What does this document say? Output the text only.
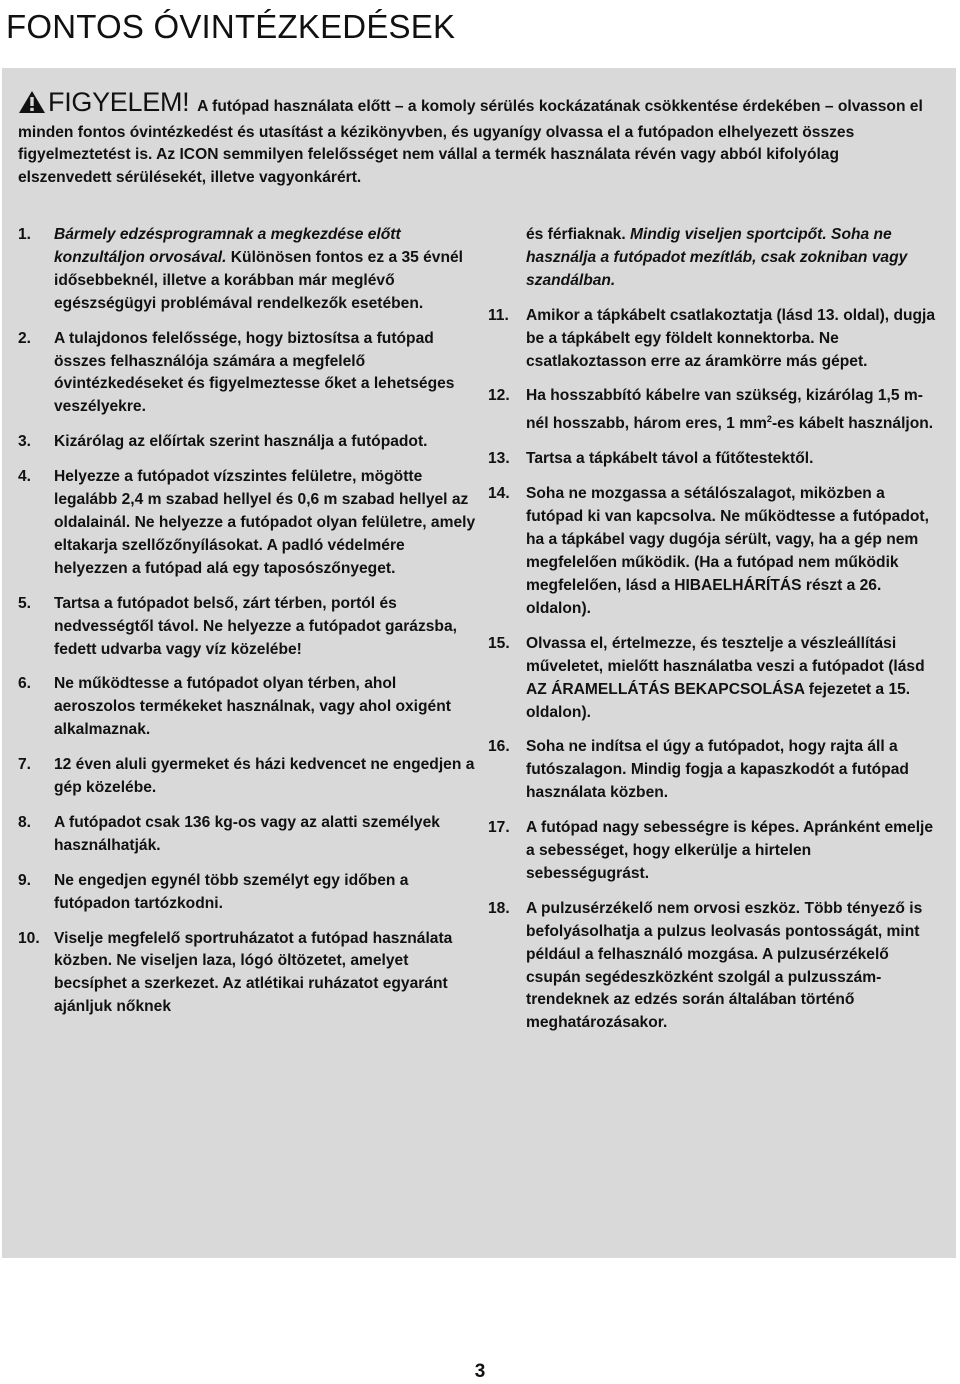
FONTOS ÓVINTÉZKEDÉSEK
FIGYELEM! A futópad használata előtt – a komoly sérülés kockázatának csökkentése érdekében – olvasson el minden fontos óvintézkedést és utasítást a kézikönyvben, és ugyanígy olvassa el a futópadon elhelyezett összes figyelmeztetést is. Az ICON semmilyen felelősséget nem vállal a termék használata révén vagy abból kifolyólag elszenvedett sérülésekét, illetve vagyonkárért.
1.	Bármely edzésprogramnak a megkezdése előtt konzultáljon orvosával. Különösen fontos ez a 35 évnél idősebbeknél, illetve a korábban már meglévő egészségügyi problémával rendelkezők esetében.
2.	A tulajdonos felelőssége, hogy biztosítsa a futópad összes felhasználója számára a megfelelő óvintézkedéseket és figyelmeztesse őket a lehetséges veszélyekre.
3.	Kizárólag az előírtak szerint használja a futópadot.
4.	Helyezze a futópadot vízszintes felületre, mögötte legalább 2,4 m szabad hellyel és 0,6 m szabad hellyel az oldalainál. Ne helyezze a futópadot olyan felületre, amely eltakarja szellőzőnyílásokat. A padló védelmére helyezzen a futópad alá egy taposószőnyeget.
5.	Tartsa a futópadot belső, zárt térben, portól és nedvességtől távol. Ne helyezze a futópadot garázsba, fedett udvarba vagy víz közelébe!
6.	Ne működtesse a futópadot olyan térben, ahol aeroszolos termékeket használnak, vagy ahol oxigént alkalmaznak.
7.	12 éven aluli gyermeket és házi kedvencet ne engedjen a gép közelébe.
8.	A futópadot csak 136 kg-os vagy az alatti személyek használhatják.
9.	Ne engedjen egynél több személyt egy időben a futópadon tartózkodni.
10. Viselje megfelelő sportruházatot a futópad használata közben. Ne viseljen laza, lógó öltözetet, amelyet becsíphet a szerkezet. Az atlétikai ruházatot egyaránt ajánljuk nőknek
és férfiaknak. Mindig viseljen sportcipőt. Soha ne használja a futópadot mezítláb, csak zokniban vagy szandálban.
11.	Amikor a tápkábelt csatlakoztatja (lásd 13. oldal), dugja be a tápkábelt egy földelt konnektorba. Ne csatlakoztasson erre az áramkörre más gépet.
12.	Ha hosszabbító kábelre van szükség, kizárólag 1,5 m-nél hosszabb, három eres, 1 $mm^2-es$ kábelt használjon.
13.	Tartsa a tápkábelt távol a fűtőtestektől.
14.	Soha ne mozgassa a sétálószalagot, miközben a futópad ki van kapcsolva. Ne működtesse a futópadot, ha a tápkábel vagy dugója sérült, vagy, ha a gép nem megfelelően működik. (Ha a futópad nem működik megfelelően, lásd a HIBAELHÁRÍTÁS részt a 26. oldalon).
15.	Olvassa el, értelmezze, és tesztelje a vészleállítási műveletet, mielőtt használatba veszi a futópadot (lásd AZ ÁRAMELLÁTÁS BEKAPCSOLÁSA fejezetet a 15. oldalon).
16.	Soha ne indítsa el úgy a futópadot, hogy rajta áll a futószalagon. Mindig fogja a kapaszkodót a futópad használata közben.
17.	A futópad nagy sebességre is képes. Apránként emelje a sebességet, hogy elkerülje a hirtelen sebességugrást.
18.	A pulzusérzékelő nem orvosi eszköz. Több tényező is befolyásolhatja a pulzus leolvasás pontosságát, mint például a felhasználó mozgása. A pulzusérzékelő csupán segédeszközként szolgál a pulzusszám-trendeknek az edzés során általában történő meghatározásakor.
3
